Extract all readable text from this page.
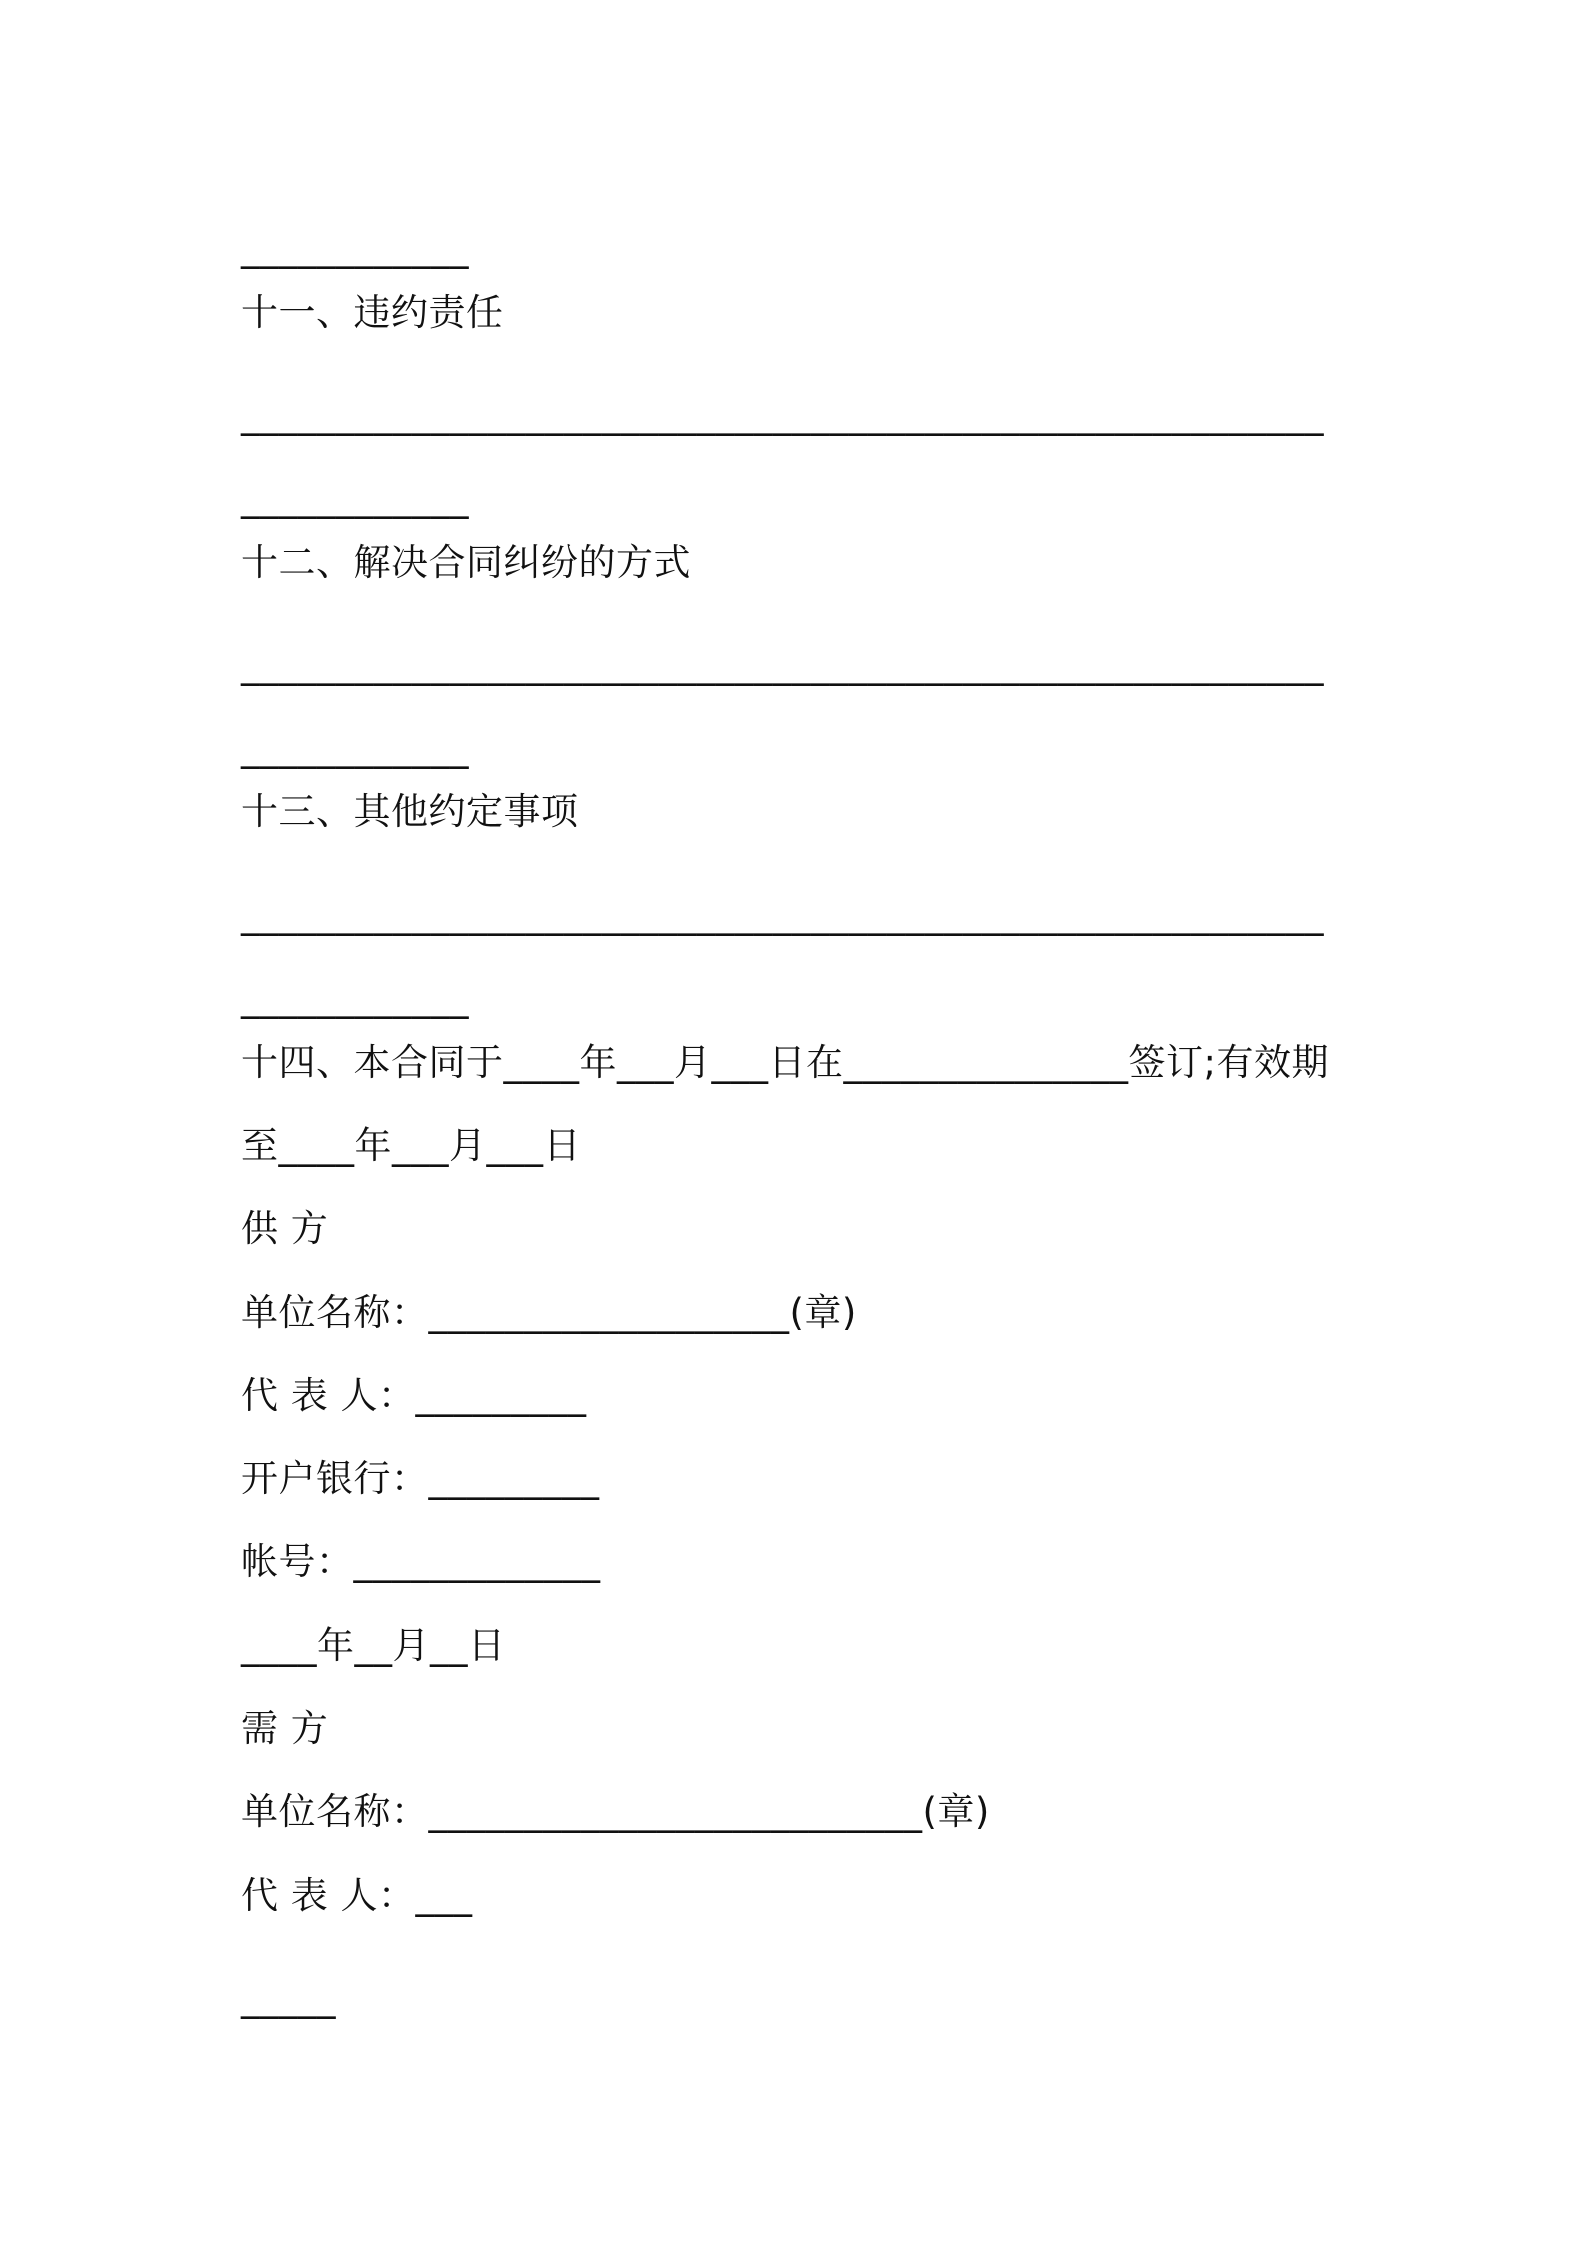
____________
十一、违约责任
_________________________________________________________
____________
十二、解决合同纠纷的方式
_________________________________________________________
____________
十三、其他约定事项
_________________________________________________________
____________
十四、本合同于____年___月___日在_______________签订;有效期
至____年___月___日
供 方
单位名称：___________________(章)
代 表 人：_________
开户银行：_________
帐号：_____________
____年__月__日
需 方
单位名称：__________________________(章)
代 表 人：___
_____
